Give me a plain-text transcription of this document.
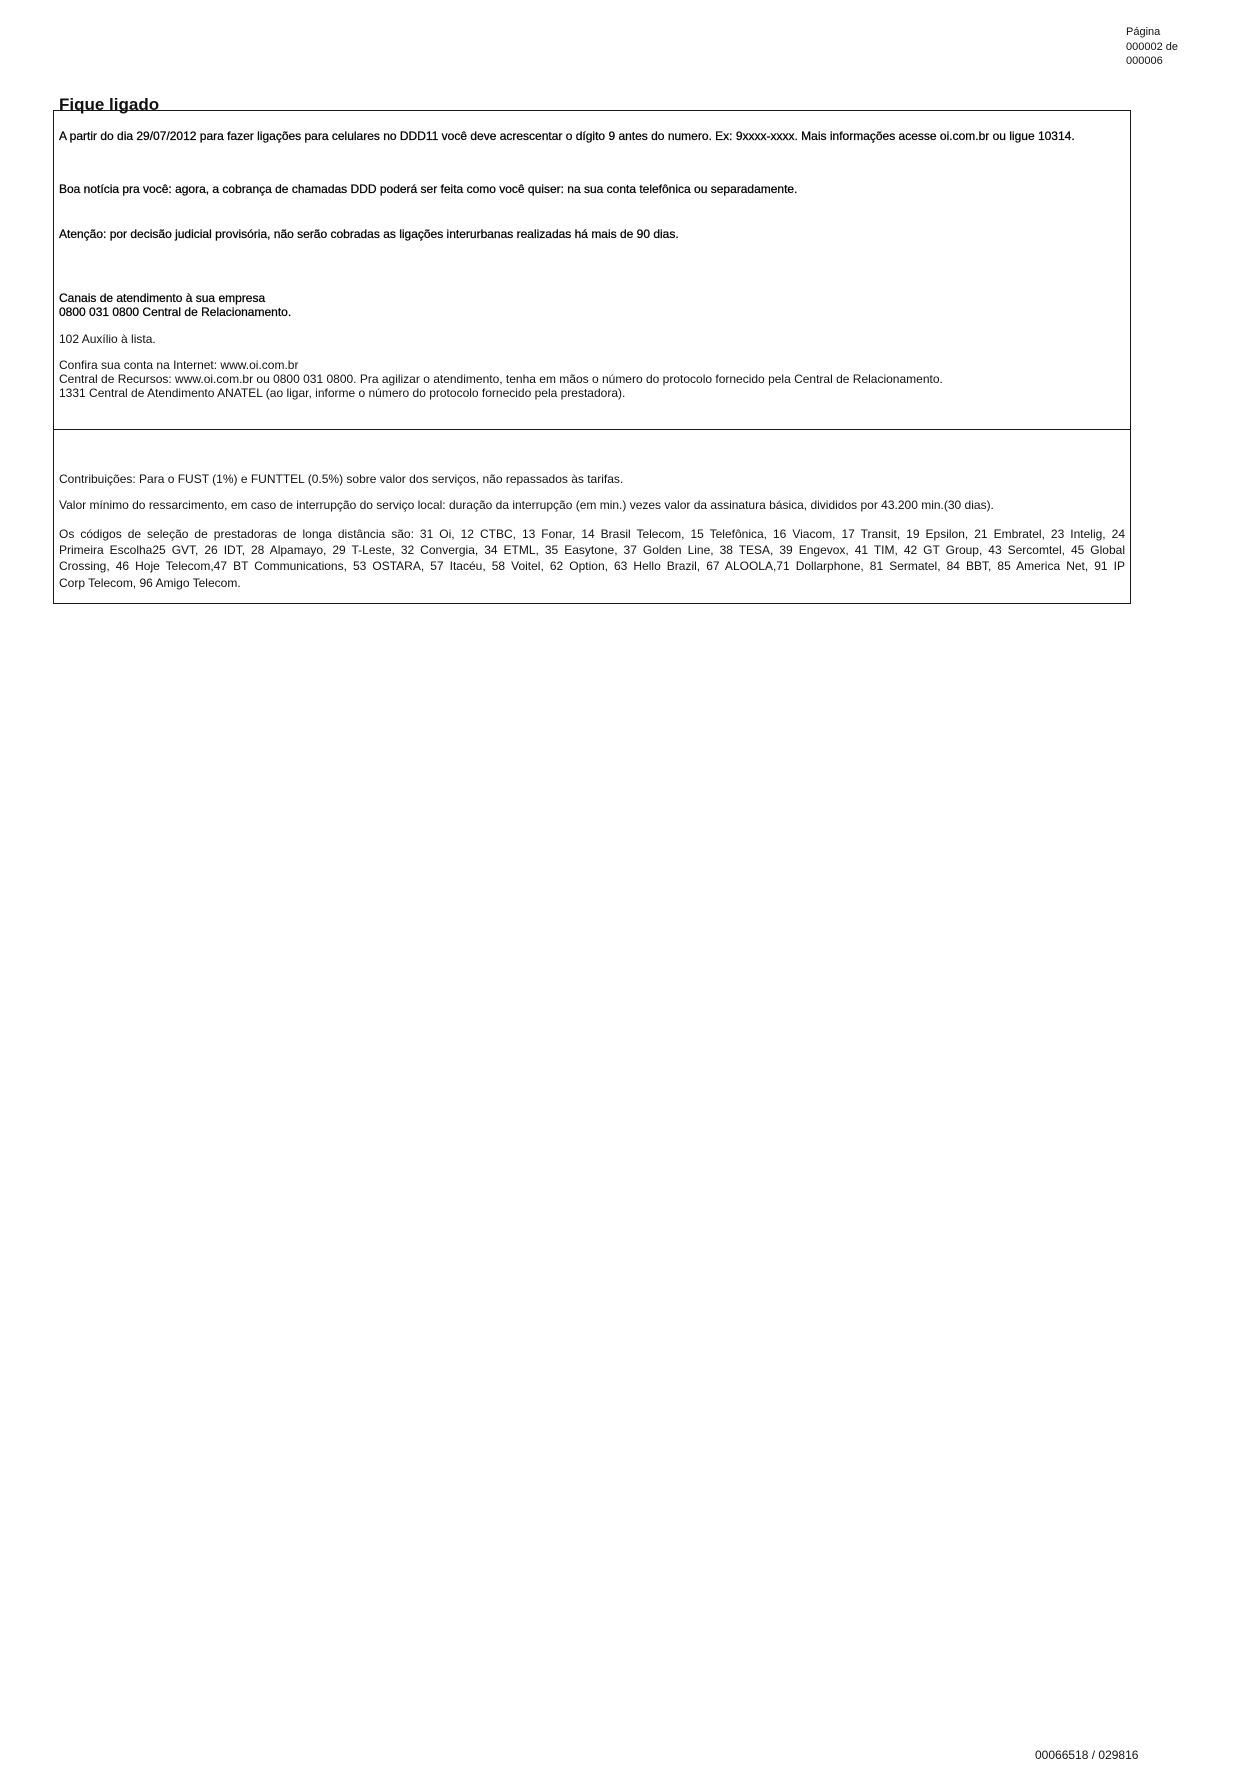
Página
000002 de
000006
Fique ligado
A partir do dia 29/07/2012 para fazer ligações para celulares no DDD11 você deve acrescentar o dígito 9 antes do numero. Ex: 9xxxx-xxxx. Mais informações acesse oi.com.br ou ligue 10314.
Boa notícia pra você: agora, a cobrança de chamadas DDD poderá ser feita como você quiser: na sua conta telefônica ou separadamente.
Atenção: por decisão judicial provisória, não serão cobradas as ligações interurbanas realizadas há mais de 90 dias.
Canais de atendimento à sua empresa
0800 031 0800 Central de Relacionamento.
102 Auxílio à lista.
Confira sua conta na Internet: www.oi.com.br
Central de Recursos: www.oi.com.br ou 0800 031 0800. Pra agilizar o atendimento, tenha em mãos o número do protocolo fornecido pela Central de Relacionamento.
1331 Central de Atendimento ANATEL (ao ligar, informe o número do protocolo fornecido pela prestadora).
Contribuições: Para o FUST (1%) e FUNTTEL (0.5%) sobre valor dos serviços, não repassados às tarifas.
Valor mínimo do ressarcimento, em caso de interrupção do serviço local: duração da interrupção (em min.) vezes valor da assinatura básica, divididos por 43.200 min.(30 dias).
Os códigos de seleção de prestadoras de longa distância são: 31 Oi, 12 CTBC, 13 Fonar, 14 Brasil Telecom, 15 Telefônica, 16 Viacom, 17 Transit, 19 Epsilon, 21 Embratel, 23 Intelig, 24
Primeira Escolha25 GVT, 26 IDT, 28 Alpamayo, 29 T-Leste, 32 Convergia, 34 ETML, 35 Easytone, 37 Golden Line, 38 TESA, 39 Engevox, 41 TIM, 42 GT Group, 43 Sercomtel, 45 Global
Crossing, 46 Hoje Telecom,47 BT Communications, 53 OSTARA, 57 Itacéu, 58 Voitel, 62 Option, 63 Hello Brazil, 67 ALOOLA,71 Dollarphone, 81 Sermatel, 84 BBT, 85 America Net, 91 IP
Corp Telecom, 96 Amigo Telecom.
00066518 / 029816
